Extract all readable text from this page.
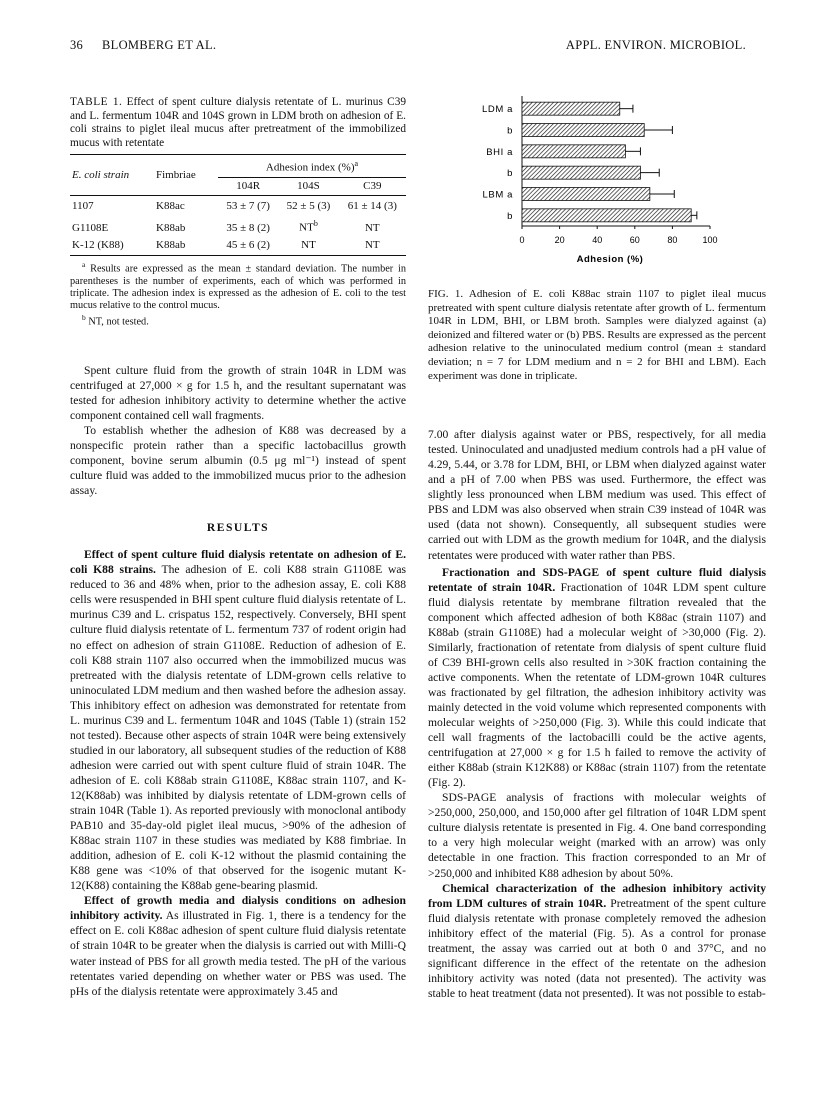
36 BLOMBERG ET AL.	APPL. ENVIRON. MICROBIOL.
TABLE 1. Effect of spent culture dialysis retentate of L. murinus C39 and L. fermentum 104R and 104S grown in LDM broth on adhesion of E. coli strains to piglet ileal mucus after pretreatment of the immobilized mucus with retentate
E. coli strain	Fimbriae	Adhesion index (%)$^a$
		104R	104S	C39
1107	K88ac	53 ± 7 (7)	52 ± 5 (3)	61 ± 14 (3)
G1108E	K88ab	35 ± 8 (2)	$NT^b$	NT
K-12 (K88)	K88ab	45 ± 6 (2)	NT	NT
$^a$ Results are expressed as the mean ± standard deviation. The number in parentheses is the number of experiments, each of which was performed in triplicate. The adhesion index is expressed as the adhesion of E. coli to the test mucus relative to the control mucus.
$^b$ NT, not tested.

Spent culture fluid from the growth of strain 104R in LDM was centrifuged at 27,000 × g for 1.5 h, and the resultant supernatant was tested for adhesion inhibitory activity to determine whether the active component contained cell wall fragments.

To establish whether the adhesion of K88 was decreased by a nonspecific protein rather than a specific lactobacillus growth component, bovine serum albumin (0.5 μg ml⁻¹) instead of spent culture fluid was added to the immobilized mucus prior to the adhesion assay.

RESULTS

Effect of spent culture fluid dialysis retentate on adhesion of E. coli K88 strains. The adhesion of E. coli K88 strain G1108E was reduced to 36 and 48% when, prior to the adhesion assay, E. coli K88 cells were resuspended in BHI spent culture fluid dialysis retentate of L. murinus C39 and L. crispatus 152, respectively. Conversely, BHI spent culture fluid dialysis retentate of L. fermentum 737 of rodent origin had no effect on adhesion of strain G1108E. Reduction of adhesion of E. coli K88 strain 1107 also occurred when the immobilized mucus was pretreated with the dialysis retentate of LDM-grown cells relative to uninoculated LDM medium and then washed before the adhesion assay. This inhibitory effect on adhesion was demonstrated for retentate from L. murinus C39 and L. fermentum 104R and 104S (Table 1) (strain 152 not tested). Because other aspects of strain 104R were being extensively studied in our laboratory, all subsequent studies of the reduction of K88 adhesion were carried out with spent culture fluid of strain 104R. The adhesion of E. coli K88ab strain G1108E, K88ac strain 1107, and K-12(K88ab) was inhibited by dialysis retentate of LDM-grown cells of strain 104R (Table 1). As reported previously with monoclonal antibody PAB10 and 35-day-old piglet ileal mucus, >90% of the adhesion of K88ac strain 1107 in these studies was mediated by K88 fimbriae. In addition, adhesion of E. coli K-12 without the plasmid containing the K88 gene was <10% of that observed for the isogenic mutant K-12(K88) containing the K88ab gene-bearing plasmid.

Effect of growth media and dialysis conditions on adhesion inhibitory activity. As illustrated in Fig. 1, there is a tendency for the effect on E. coli K88ac adhesion of spent culture fluid dialysis retentate of strain 104R to be greater when the dialysis is carried out with Milli-Q water instead of PBS for all growth media tested. The pH of the various retentates varied depending on whether water or PBS was used. The pHs of the dialysis retentate were approximately 3.45 and

LDM a
b
BHI a
b
LBM a
b
0	20	40	60	80	100
Adhesion (%)
FIG. 1. Adhesion of E. coli K88ac strain 1107 to piglet ileal mucus pretreated with spent culture dialysis retentate after growth of L. fermentum 104R in LDM, BHI, or LBM broth. Samples were dialyzed against (a) deionized and filtered water or (b) PBS. Results are expressed as the percent adhesion relative to the uninoculated medium control (mean ± standard deviation; n = 7 for LDM medium and n = 2 for BHI and LBM). Each experiment was done in triplicate.

7.00 after dialysis against water or PBS, respectively, for all media tested. Uninoculated and unadjusted medium controls had a pH value of 4.29, 5.44, or 3.78 for LDM, BHI, or LBM when dialyzed against water and a pH of 7.00 when PBS was used. Furthermore, the effect was slightly less pronounced when LBM medium was used. This effect of PBS and LDM was also observed when strain C39 instead of 104R was used (data not shown). Consequently, all subsequent studies were carried out with LDM as the growth medium for 104R, and the dialysis retentates were produced with water rather than PBS.

Fractionation and SDS-PAGE of spent culture fluid dialysis retentate of strain 104R. Fractionation of 104R LDM spent culture fluid dialysis retentate by membrane filtration revealed that the component which affected adhesion of both K88ac (strain 1107) and K88ab (strain G1108E) had a molecular weight of >30,000 (Fig. 2). Similarly, fractionation of retentate from dialysis of spent culture fluid of C39 BHI-grown cells also resulted in >30K fraction containing the active components. When the retentate of LDM-grown 104R cultures was fractionated by gel filtration, the adhesion inhibitory activity was mainly detected in the void volume which represented components with molecular weights of >250,000 (Fig. 3). While this could indicate that cell wall fragments of the lactobacilli could be the active agents, centrifugation at 27,000 × g for 1.5 h failed to remove the activity of either K88ab (strain K12K88) or K88ac (strain 1107) from the retentate (Fig. 2).

SDS-PAGE analysis of fractions with molecular weights of >250,000, 250,000, and 150,000 after gel filtration of 104R LDM spent culture dialysis retentate is presented in Fig. 4. One band corresponding to a very high molecular weight (marked with an arrow) was only detectable in one fraction. This fraction corresponded to an Mr of >250,000 and inhibited K88 adhesion by about 50%.

Chemical characterization of the adhesion inhibitory activity from LDM cultures of strain 104R. Pretreatment of the spent culture fluid dialysis retentate with pronase completely removed the adhesion inhibitory effect of the material (Fig. 5). As a control for pronase treatment, the assay was carried out at both 0 and 37°C, and no significant difference in the effect of the retentate on the adhesion inhibitory activity was noted (data not presented). The activity was stable to heat treatment (data not presented). It was not possible to estab-
